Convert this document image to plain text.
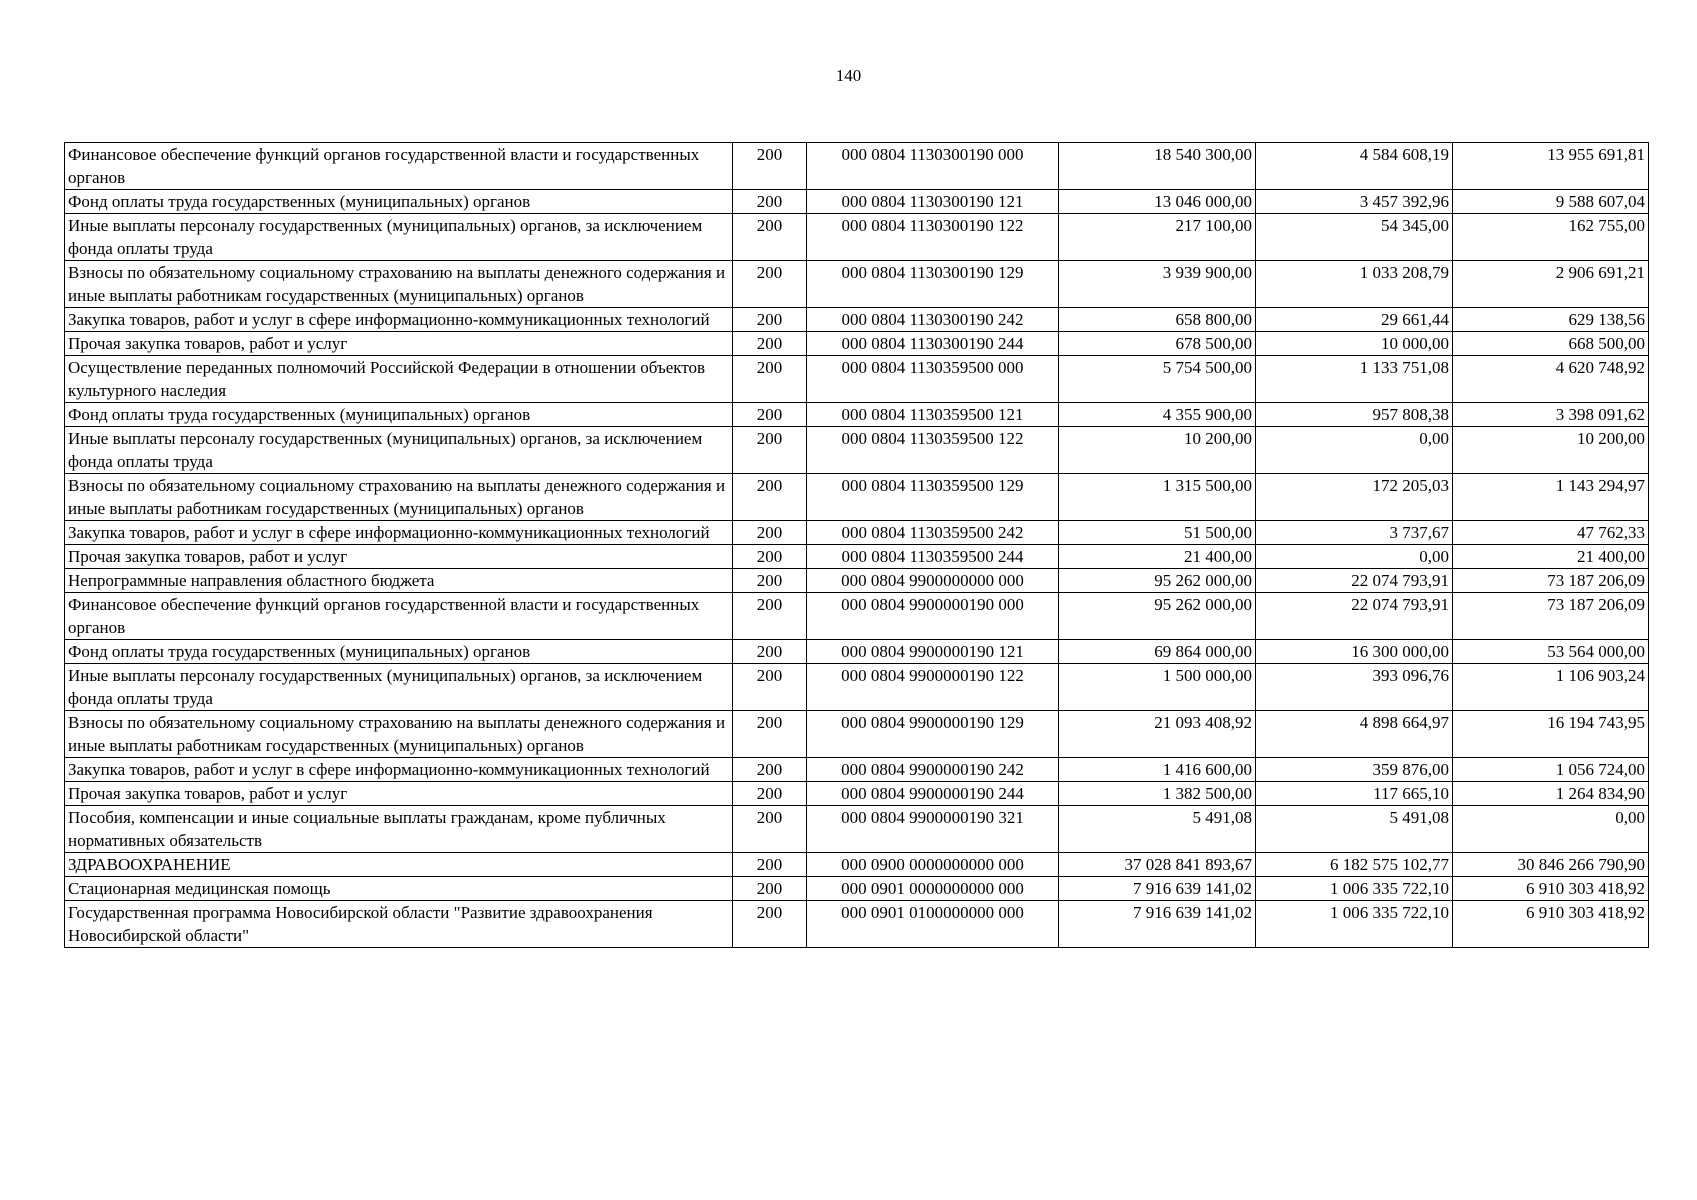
140
Финансовое обеспечение функций органов государственной власти и государственных органов	200	000 0804 1130300190 000	18 540 300,00	4 584 608,19	13 955 691,81
Фонд оплаты труда государственных (муниципальных) органов	200	000 0804 1130300190 121	13 046 000,00	3 457 392,96	9 588 607,04
Иные выплаты персоналу государственных (муниципальных) органов, за исключением фонда оплаты труда	200	000 0804 1130300190 122	217 100,00	54 345,00	162 755,00
Взносы по обязательному социальному страхованию на выплаты денежного содержания и иные выплаты работникам государственных (муниципальных) органов	200	000 0804 1130300190 129	3 939 900,00	1 033 208,79	2 906 691,21
Закупка товаров, работ и услуг в сфере информационно-коммуникационных технологий	200	000 0804 1130300190 242	658 800,00	29 661,44	629 138,56
Прочая закупка товаров, работ и услуг	200	000 0804 1130300190 244	678 500,00	10 000,00	668 500,00
Осуществление переданных полномочий Российской Федерации в отношении объектов культурного наследия	200	000 0804 1130359500 000	5 754 500,00	1 133 751,08	4 620 748,92
Фонд оплаты труда государственных (муниципальных) органов	200	000 0804 1130359500 121	4 355 900,00	957 808,38	3 398 091,62
Иные выплаты персоналу государственных (муниципальных) органов, за исключением фонда оплаты труда	200	000 0804 1130359500 122	10 200,00	0,00	10 200,00
Взносы по обязательному социальному страхованию на выплаты денежного содержания и иные выплаты работникам государственных (муниципальных) органов	200	000 0804 1130359500 129	1 315 500,00	172 205,03	1 143 294,97
Закупка товаров, работ и услуг в сфере информационно-коммуникационных технологий	200	000 0804 1130359500 242	51 500,00	3 737,67	47 762,33
Прочая закупка товаров, работ и услуг	200	000 0804 1130359500 244	21 400,00	0,00	21 400,00
Непрограммные направления областного бюджета	200	000 0804 9900000000 000	95 262 000,00	22 074 793,91	73 187 206,09
Финансовое обеспечение функций органов государственной власти и государственных органов	200	000 0804 9900000190 000	95 262 000,00	22 074 793,91	73 187 206,09
Фонд оплаты труда государственных (муниципальных) органов	200	000 0804 9900000190 121	69 864 000,00	16 300 000,00	53 564 000,00
Иные выплаты персоналу государственных (муниципальных) органов, за исключением фонда оплаты труда	200	000 0804 9900000190 122	1 500 000,00	393 096,76	1 106 903,24
Взносы по обязательному социальному страхованию на выплаты денежного содержания и иные выплаты работникам государственных (муниципальных) органов	200	000 0804 9900000190 129	21 093 408,92	4 898 664,97	16 194 743,95
Закупка товаров, работ и услуг в сфере информационно-коммуникационных технологий	200	000 0804 9900000190 242	1 416 600,00	359 876,00	1 056 724,00
Прочая закупка товаров, работ и услуг	200	000 0804 9900000190 244	1 382 500,00	117 665,10	1 264 834,90
Пособия, компенсации и иные социальные выплаты гражданам, кроме публичных нормативных обязательств	200	000 0804 9900000190 321	5 491,08	5 491,08	0,00
ЗДРАВООХРАНЕНИЕ	200	000 0900 0000000000 000	37 028 841 893,67	6 182 575 102,77	30 846 266 790,90
Стационарная медицинская помощь	200	000 0901 0000000000 000	7 916 639 141,02	1 006 335 722,10	6 910 303 418,92
Государственная программа Новосибирской области "Развитие здравоохранения Новосибирской области"	200	000 0901 0100000000 000	7 916 639 141,02	1 006 335 722,10	6 910 303 418,92
